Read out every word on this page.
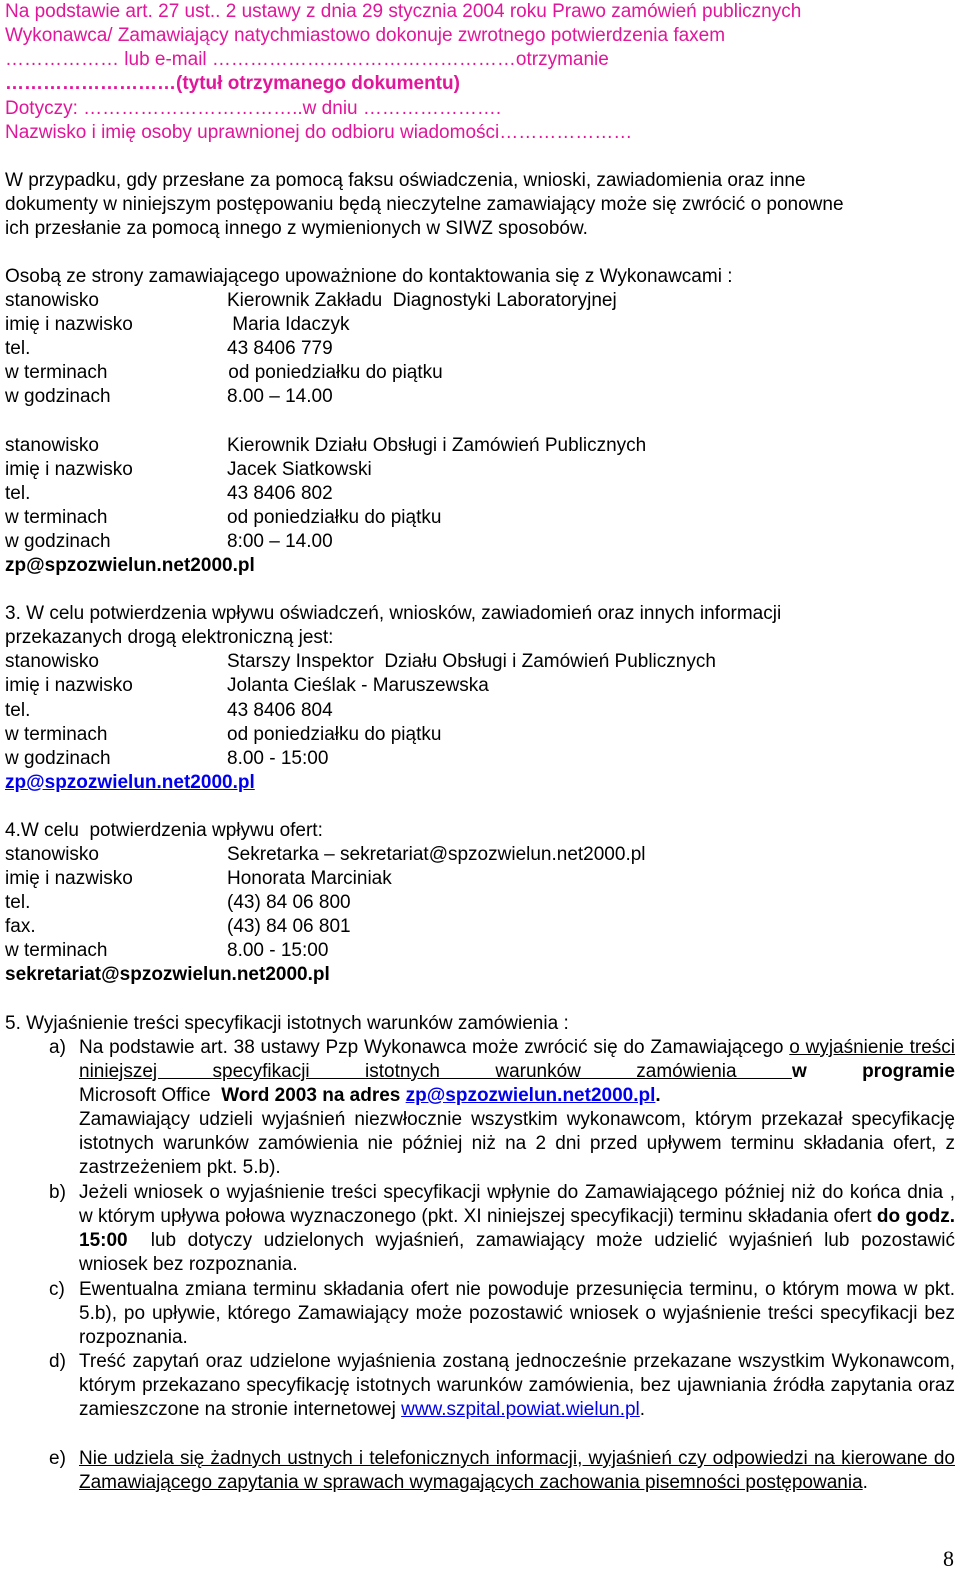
Na podstawie art. 27 ust.. 2 ustawy z dnia 29 stycznia 2004 roku Prawo zamówień publicznych
Wykonawca/ Zamawiający natychmiastowo dokonuje zwrotnego potwierdzenia faxem
……………… lub e-mail …………………………………………otrzymanie
………………………(tytuł otrzymanego dokumentu)
Dotyczy: ……………………………..w dniu ………………….
Nazwisko i imię osoby uprawnionej do odbioru wiadomości…………………
W przypadku, gdy przesłane za pomocą faksu oświadczenia, wnioski, zawiadomienia oraz inne
dokumenty w niniejszym postępowaniu będą nieczytelne zamawiający może się zwrócić o ponowne
ich przesłanie za pomocą innego z wymienionych w SIWZ sposobów.
Osobą ze strony zamawiającego upoważnione do kontaktowania się z Wykonawcami :
stanowisko	Kierownik Zakładu  Diagnostyki Laboratoryjnej
imię i nazwisko	Maria Idaczyk
tel.	43 8406 779
w terminach	od poniedziałku do piątku
w godzinach	8.00 – 14.00
stanowisko	Kierownik Działu Obsługi i Zamówień Publicznych
imię i nazwisko	Jacek Siatkowski
tel.	43 8406 802
w terminach	od poniedziałku do piątku
w godzinach	8:00 – 14.00
zp@spzozwielun.net2000.pl
3. W celu potwierdzenia wpływu oświadczeń, wniosków, zawiadomień oraz innych informacji
przekazanych drogą elektroniczną jest:
stanowisko	Starszy Inspektor  Działu Obsługi i Zamówień Publicznych
imię i nazwisko	Jolanta Cieślak - Maruszewska
tel.	43 8406 804
w terminach	od poniedziałku do piątku
w godzinach	8.00 - 15:00
zp@spzozwielun.net2000.pl
4.W celu  potwierdzenia wpływu ofert:
stanowisko	Sekretarka – sekretariat@spzozwielun.net2000.pl
imię i nazwisko	Honorata Marciniak
tel.	(43) 84 06 800
fax.	(43) 84 06 801
w terminach	8.00 - 15:00
sekretariat@spzozwielun.net2000.pl
5. Wyjaśnienie treści specyfikacji istotnych warunków zamówienia :
a) Na podstawie art. 38 ustawy Pzp Wykonawca może zwrócić się do Zamawiającego o wyjaśnienie treści niniejszej specyfikacji istotnych warunków zamówienia w programie
Microsoft Office  Word 2003 na adres zp@spzozwielun.net2000.pl.
Zamawiający udzieli wyjaśnień niezwłocznie wszystkim wykonawcom, którym przekazał specyfikację istotnych warunków zamówienia nie później niż na 2 dni przed upływem terminu składania ofert, z zastrzeżeniem pkt. 5.b).
b) Jeżeli wniosek o wyjaśnienie treści specyfikacji wpłynie do Zamawiającego później niż do końca dnia , w którym upływa połowa wyznaczonego (pkt. XI niniejszej specyfikacji) terminu składania ofert do godz. 15:00  lub dotyczy udzielonych wyjaśnień, zamawiający może udzielić wyjaśnień lub pozostawić wniosek bez rozpoznania.
c) Ewentualna zmiana terminu składania ofert nie powoduje przesunięcia terminu, o którym mowa w pkt. 5.b), po upływie, którego Zamawiający może pozostawić wniosek o wyjaśnienie treści specyfikacji bez rozpoznania.
d) Treść zapytań oraz udzielone wyjaśnienia zostaną jednocześnie przekazane wszystkim Wykonawcom, którym przekazano specyfikację istotnych warunków zamówienia, bez ujawniania źródła zapytania oraz zamieszczone na stronie internetowej www.szpital.powiat.wielun.pl.
e) Nie udziela się żadnych ustnych i telefonicznych informacji, wyjaśnień czy odpowiedzi na kierowane do Zamawiającego zapytania w sprawach wymagających zachowania pisemności postępowania.
8
